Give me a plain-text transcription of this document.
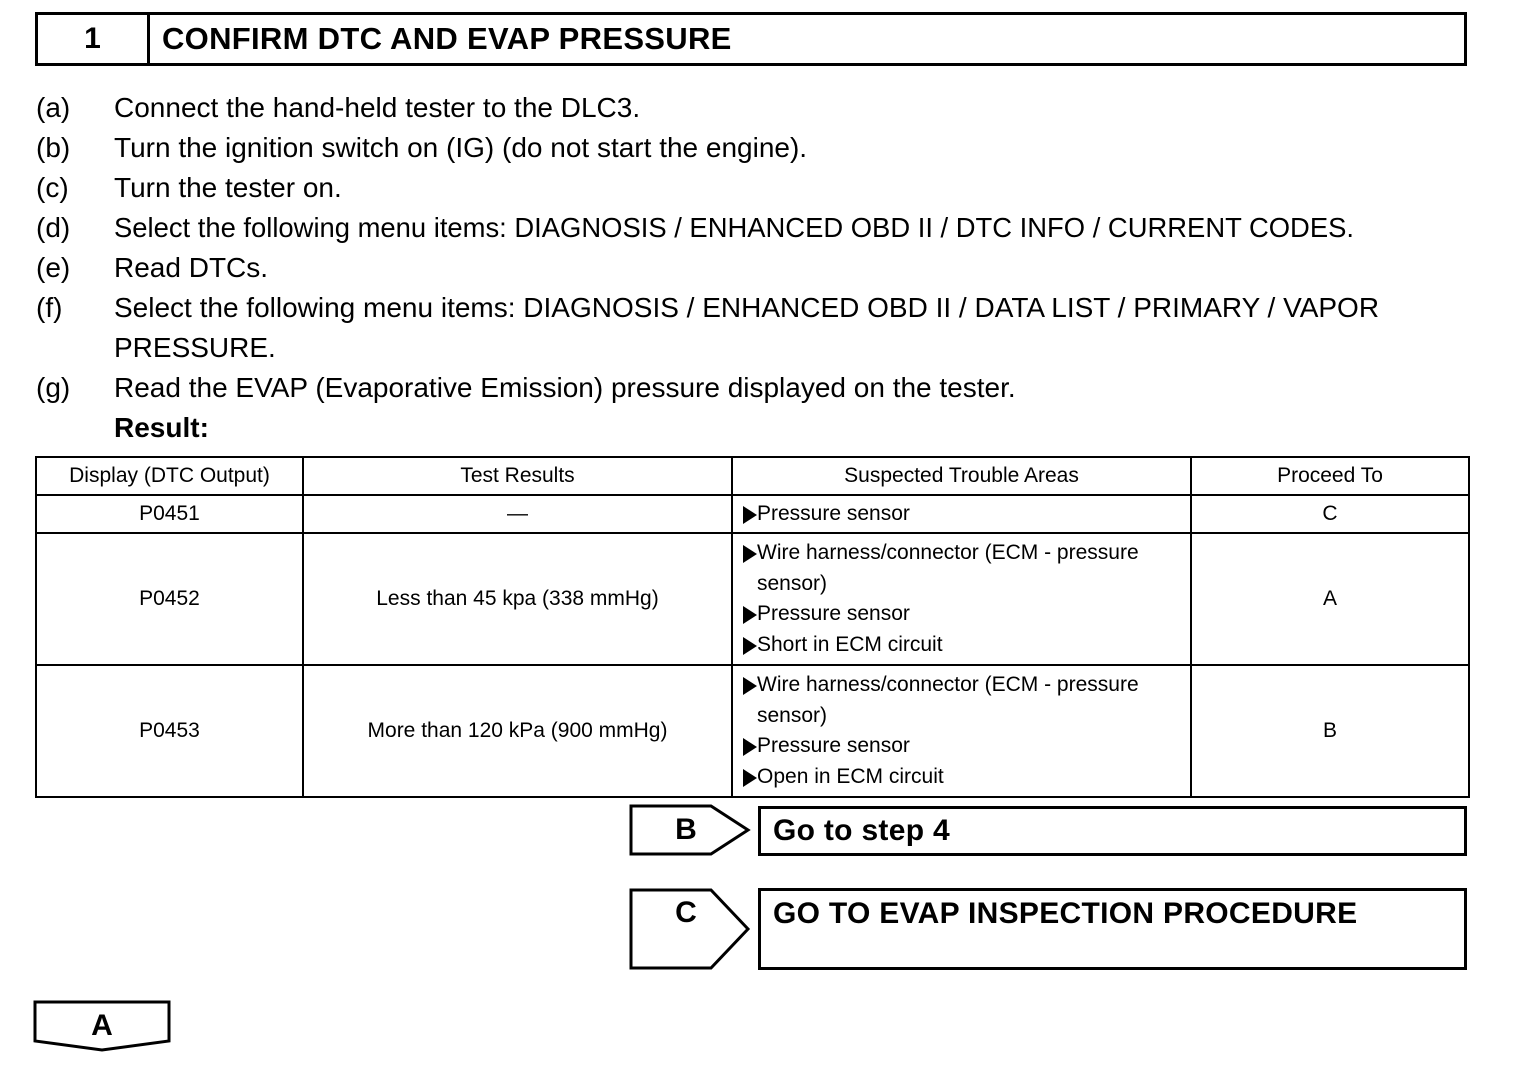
1	CONFIRM DTC AND EVAP PRESSURE
(a)	Connect the hand-held tester to the DLC3.
(b)	Turn the ignition switch on (IG) (do not start the engine).
(c)	Turn the tester on.
(d)	Select the following menu items: DIAGNOSIS / ENHANCED OBD II / DTC INFO / CURRENT CODES.
(e)	Read DTCs.
(f)	Select the following menu items: DIAGNOSIS / ENHANCED OBD II / DATA LIST / PRIMARY / VAPOR PRESSURE.
(g)	Read the EVAP (Evaporative Emission) pressure displayed on the tester.
Result:
Display (DTC Output)	Test Results	Suspected Trouble Areas	Proceed To
P0451	—	Pressure sensor	C
P0452	Less than 45 kpa (338 mmHg)	Wire harness/connector (ECM - pressure sensor)
Pressure sensor
Short in ECM circuit	A
P0453	More than 120 kPa (900 mmHg)	Wire harness/connector (ECM - pressure sensor)
Pressure sensor
Open in ECM circuit	B
B	Go to step 4
C	GO TO EVAP INSPECTION PROCEDURE
A
